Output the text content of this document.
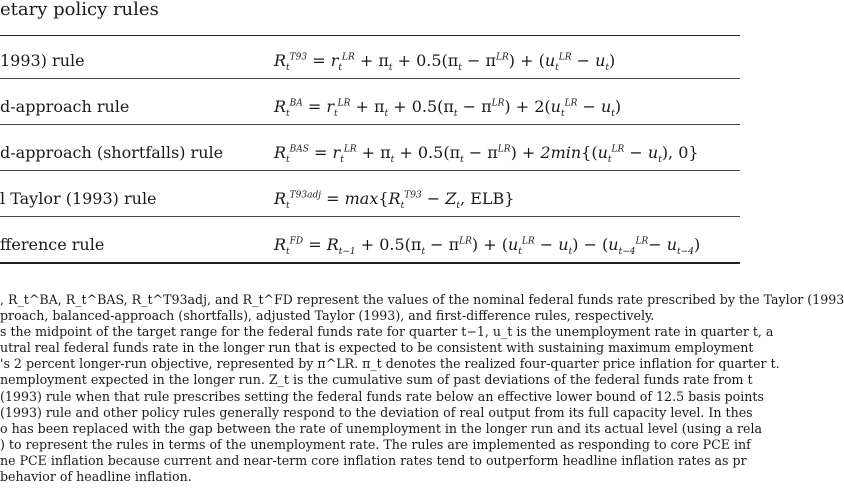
etary policy rules
1993) rule	$R_t^{T93} = r_t^{LR} + \pi_t + 0.5(\pi_t - \pi^{LR}) + (u_t^{LR} - u_t)$
d-approach rule	$R_t^{BA} = r_t^{LR} + \pi_t + 0.5(\pi_t - \pi^{LR}) + 2(u_t^{LR} - u_t)$
d-approach (shortfalls) rule	$R_t^{BAS} = r_t^{LR} + \pi_t + 0.5(\pi_t - \pi^{LR}) + 2\min\{(u_t^{LR} - u_t)$, 0}
l Taylor (1993) rule	$R_t^{T93adj} = \max\{R_t^{T93} - Z_t$, ELB}
fference rule	$R_t^{FD} = R_{t-1} + 0.5(\pi_t - \pi^{LR}) + (u_t^{LR} - u_t) - (u_{t-4}^{LR}- u_{t-4})$
, R_t^BA, R_t^BAS, R_t^T93adj, and R_t^FD represent the values of the nominal federal funds rate prescribed by the Taylor (1993
proach, balanced-approach (shortfalls), adjusted Taylor (1993), and first-difference rules, respectively.
s the midpoint of the target range for the federal funds rate for quarter t−1, u_t is the unemployment rate in quarter t, a
utral real federal funds rate in the longer run that is expected to be consistent with sustaining maximum employment
's 2 percent longer-run objective, represented by π^LR. π_t denotes the realized four-quarter price inflation for quarter t.
nemployment expected in the longer run. Z_t is the cumulative sum of past deviations of the federal funds rate from t
(1993) rule when that rule prescribes setting the federal funds rate below an effective lower bound of 12.5 basis points
(1993) rule and other policy rules generally respond to the deviation of real output from its full capacity level. In thes
o has been replaced with the gap between the rate of unemployment in the longer run and its actual level (using a rela
) to represent the rules in terms of the unemployment rate. The rules are implemented as responding to core PCE inf
ne PCE inflation because current and near-term core inflation rates tend to outperform headline inflation rates as pr
behavior of headline inflation.
